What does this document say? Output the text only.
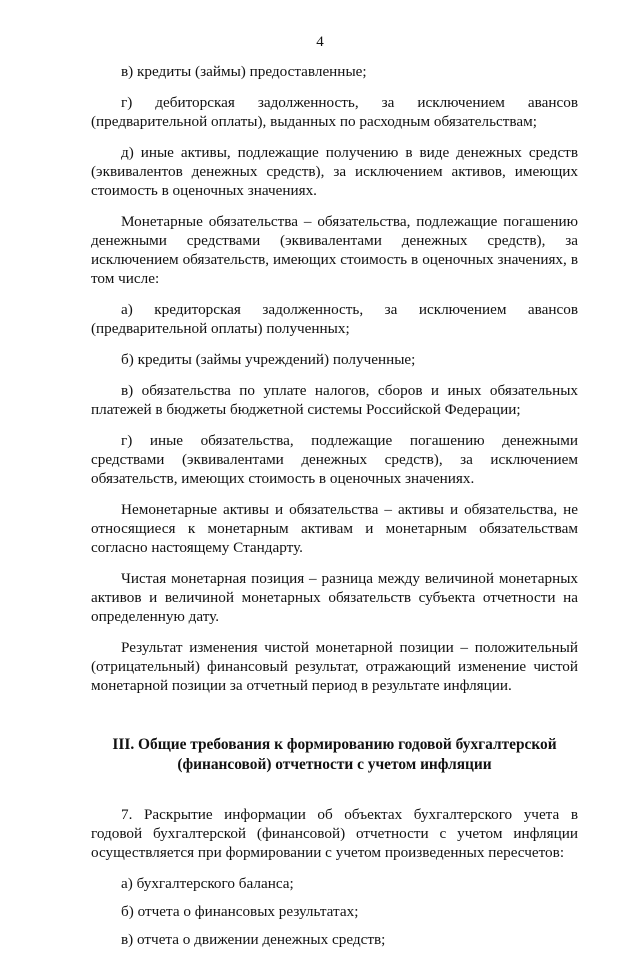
4

в) кредиты (займы) предоставленные;

г) дебиторская задолженность, за исключением авансов (предварительной оплаты), выданных по расходным обязательствам;

д) иные активы, подлежащие получению в виде денежных средств (эквивалентов денежных средств), за исключением активов, имеющих стоимость в оценочных значениях.

Монетарные обязательства – обязательства, подлежащие погашению денежными средствами (эквивалентами денежных средств), за исключением обязательств, имеющих стоимость в оценочных значениях, в том числе:

а) кредиторская задолженность, за исключением авансов (предварительной оплаты) полученных;

б) кредиты (займы учреждений) полученные;

в) обязательства по уплате налогов, сборов и иных обязательных платежей в бюджеты бюджетной системы Российской Федерации;

г) иные обязательства, подлежащие погашению денежными средствами (эквивалентами денежных средств), за исключением обязательств, имеющих стоимость в оценочных значениях.

Немонетарные активы и обязательства – активы и обязательства, не относящиеся к монетарным активам и монетарным обязательствам согласно настоящему Стандарту.

Чистая монетарная позиция – разница между величиной монетарных активов и величиной монетарных обязательств субъекта отчетности на определенную дату.

Результат изменения чистой монетарной позиции – положительный (отрицательный) финансовый результат, отражающий изменение чистой монетарной позиции за отчетный период в результате инфляции.

III. Общие требования к формированию годовой бухгалтерской (финансовой) отчетности с учетом инфляции

7. Раскрытие информации об объектах бухгалтерского учета в годовой бухгалтерской (финансовой) отчетности с учетом инфляции осуществляется при формировании с учетом произведенных пересчетов:

а) бухгалтерского баланса;

б) отчета о финансовых результатах;

в) отчета о движении денежных средств;
